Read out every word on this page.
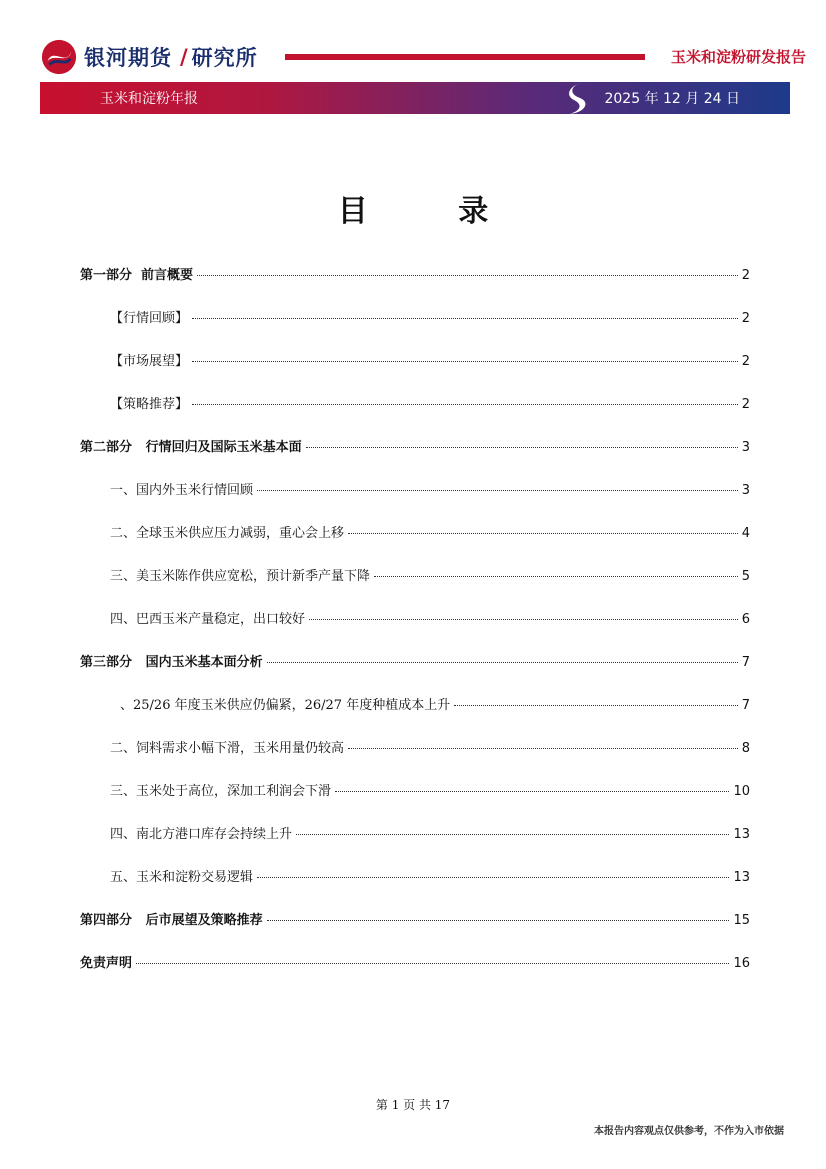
银河期货 / 研究所	玉米和淀粉研发报告
玉米和淀粉年报	2025 年 12 月 24 日
目 录
第一部分  前言概要	2
【行情回顾】	2
【市场展望】	2
【策略推荐】	2
第二部分   行情回归及国际玉米基本面	3
一、国内外玉米行情回顾	3
二、全球玉米供应压力减弱，重心会上移	4
三、美玉米陈作供应宽松，预计新季产量下降	5
四、巴西玉米产量稳定，出口较好	6
第三部分   国内玉米基本面分析	7
、25/26 年度玉米供应仍偏紧，26/27 年度种植成本上升	7
二、饲料需求小幅下滑，玉米用量仍较高	8
三、玉米处于高位，深加工利润会下滑	10
四、南北方港口库存会持续上升	13
五、玉米和淀粉交易逻辑	13
第四部分   后市展望及策略推荐	15
免责声明	16
第 1 页 共 17
本报告内容观点仅供参考，不作为入市依据
